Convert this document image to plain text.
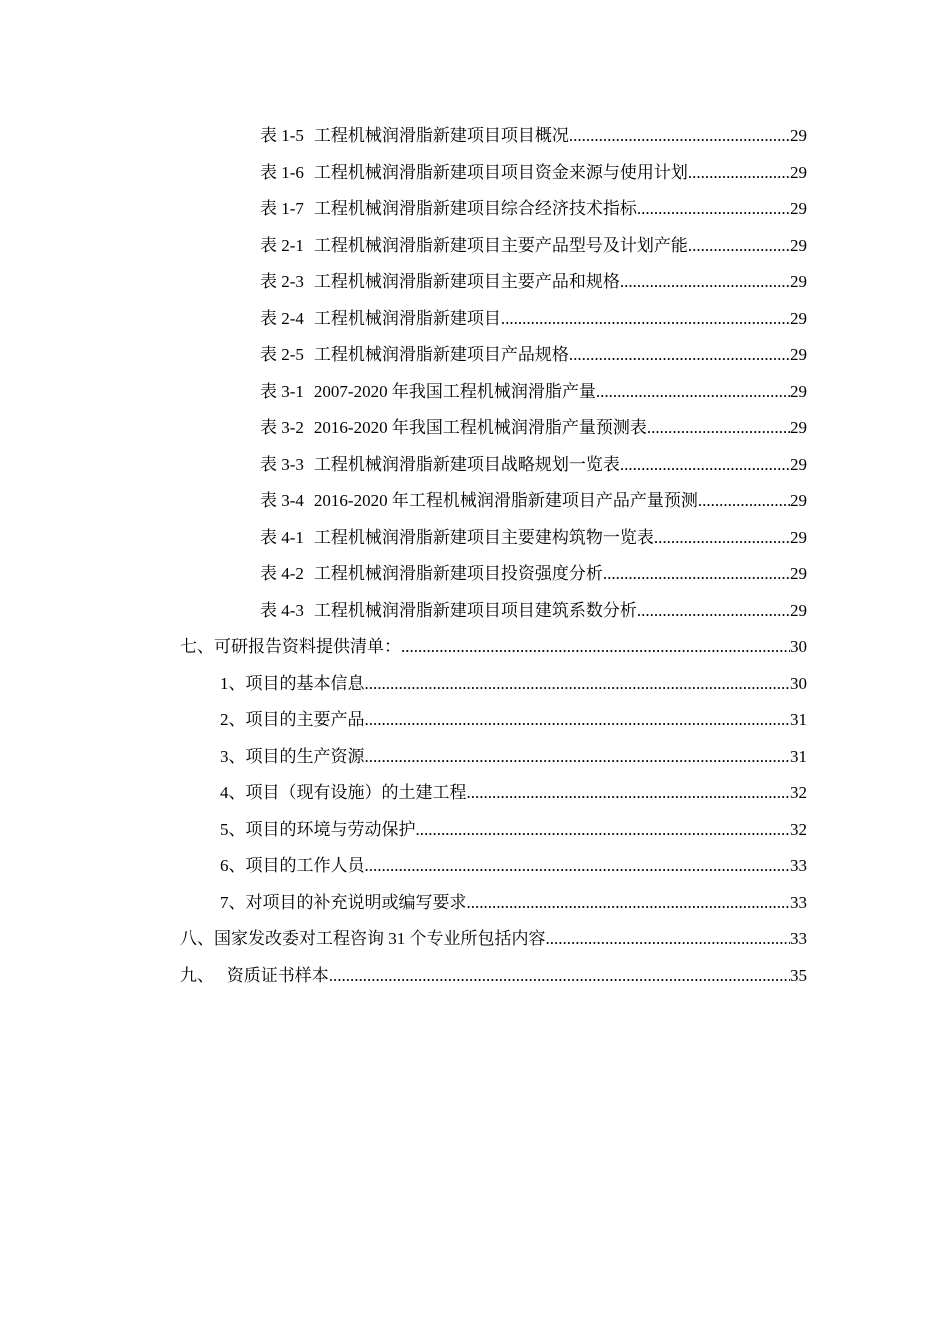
表 1-5 工程机械润滑脂新建项目项目概况 .....	29
表 1-6 工程机械润滑脂新建项目项目资金来源与使用计划 .....	29
表 1-7 工程机械润滑脂新建项目综合经济技术指标 .....	29
表 2-1 工程机械润滑脂新建项目主要产品型号及计划产能 .....	29
表 2-3 工程机械润滑脂新建项目主要产品和规格 .....	29
表 2-4 工程机械润滑脂新建项目 .....	29
表 2-5 工程机械润滑脂新建项目产品规格 .....	29
表 3-1 2007-2020 年我国工程机械润滑脂产量 .....	29
表 3-2 2016-2020 年我国工程机械润滑脂产量预测表 .....	29
表 3-3 工程机械润滑脂新建项目战略规划一览表 .....	29
表 3-4 2016-2020 年工程机械润滑脂新建项目产品产量预测 .....	29
表 4-1 工程机械润滑脂新建项目主要建构筑物一览表 .....	29
表 4-2 工程机械润滑脂新建项目投资强度分析 .....	29
表 4-3 工程机械润滑脂新建项目项目建筑系数分析 .....	29
七、可研报告资料提供清单： .....	30
1、项目的基本信息 .....	30
2、项目的主要产品 .....	31
3、项目的生产资源 .....	31
4、项目（现有设施）的土建工程 .....	32
5、项目的环境与劳动保护 .....	32
6、项目的工作人员 .....	33
7、对项目的补充说明或编写要求 .....	33
八、国家发改委对工程咨询 31 个专业所包括内容 .....	33
九、   资质证书样本 .....	35
